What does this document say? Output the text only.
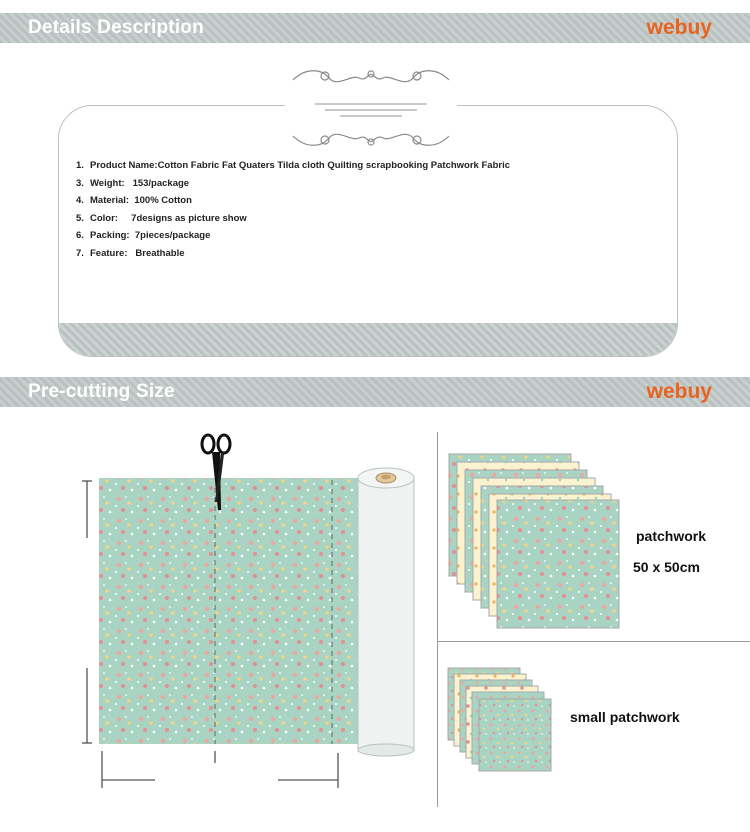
Details Description	webuy
1. Product Name:Cotton Fabric Fat Quaters Tilda cloth Quilting scrapbooking Patchwork Fabric
3. Weight:   153/package
4. Material:  100% Cotton
5. Color:     7designs as picture show
6. Packing:  7pieces/package
7. Feature:   Breathable
Pre-cutting Size	webuy
patchwork
50 x 50cm
small patchwork
